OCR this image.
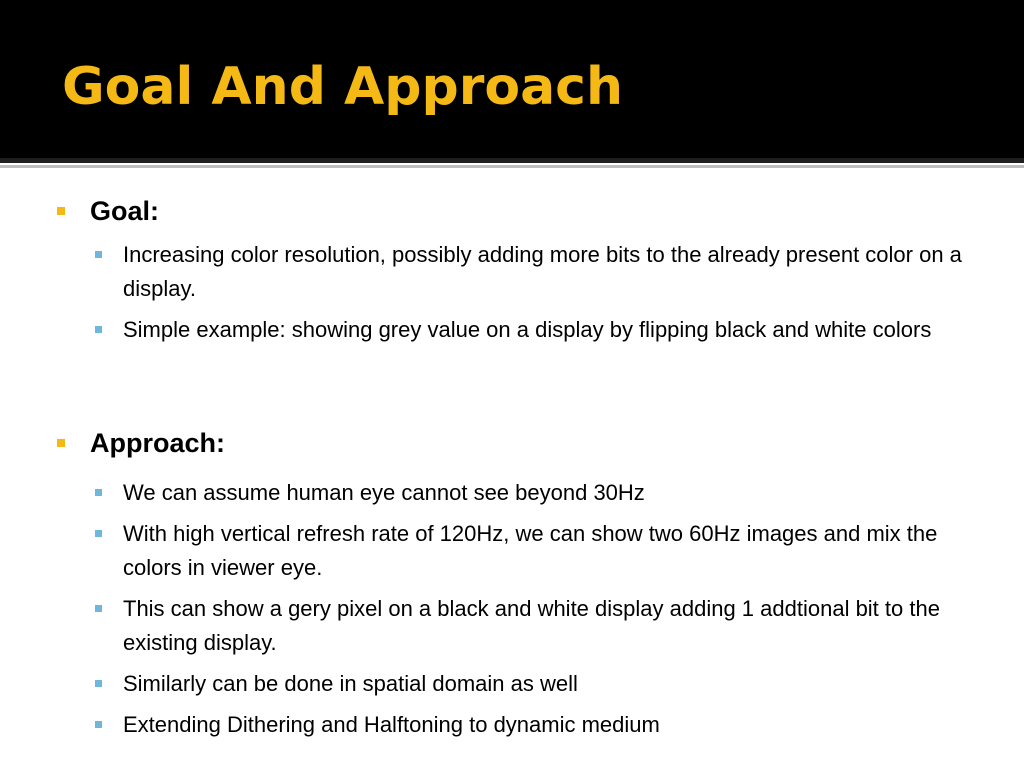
Goal And Approach
Goal:
Increasing color resolution, possibly adding more bits to the already present color on a display.
Simple example: showing grey value on a display by flipping black and white colors
Approach:
We can assume human eye cannot see beyond 30Hz
With high vertical refresh rate of 120Hz, we can show two 60Hz images and mix the colors in viewer eye.
This can show a gery pixel on a black and white display adding 1 addtional bit to the existing display.
Similarly can be done in spatial domain as well
Extending Dithering and Halftoning to dynamic medium
